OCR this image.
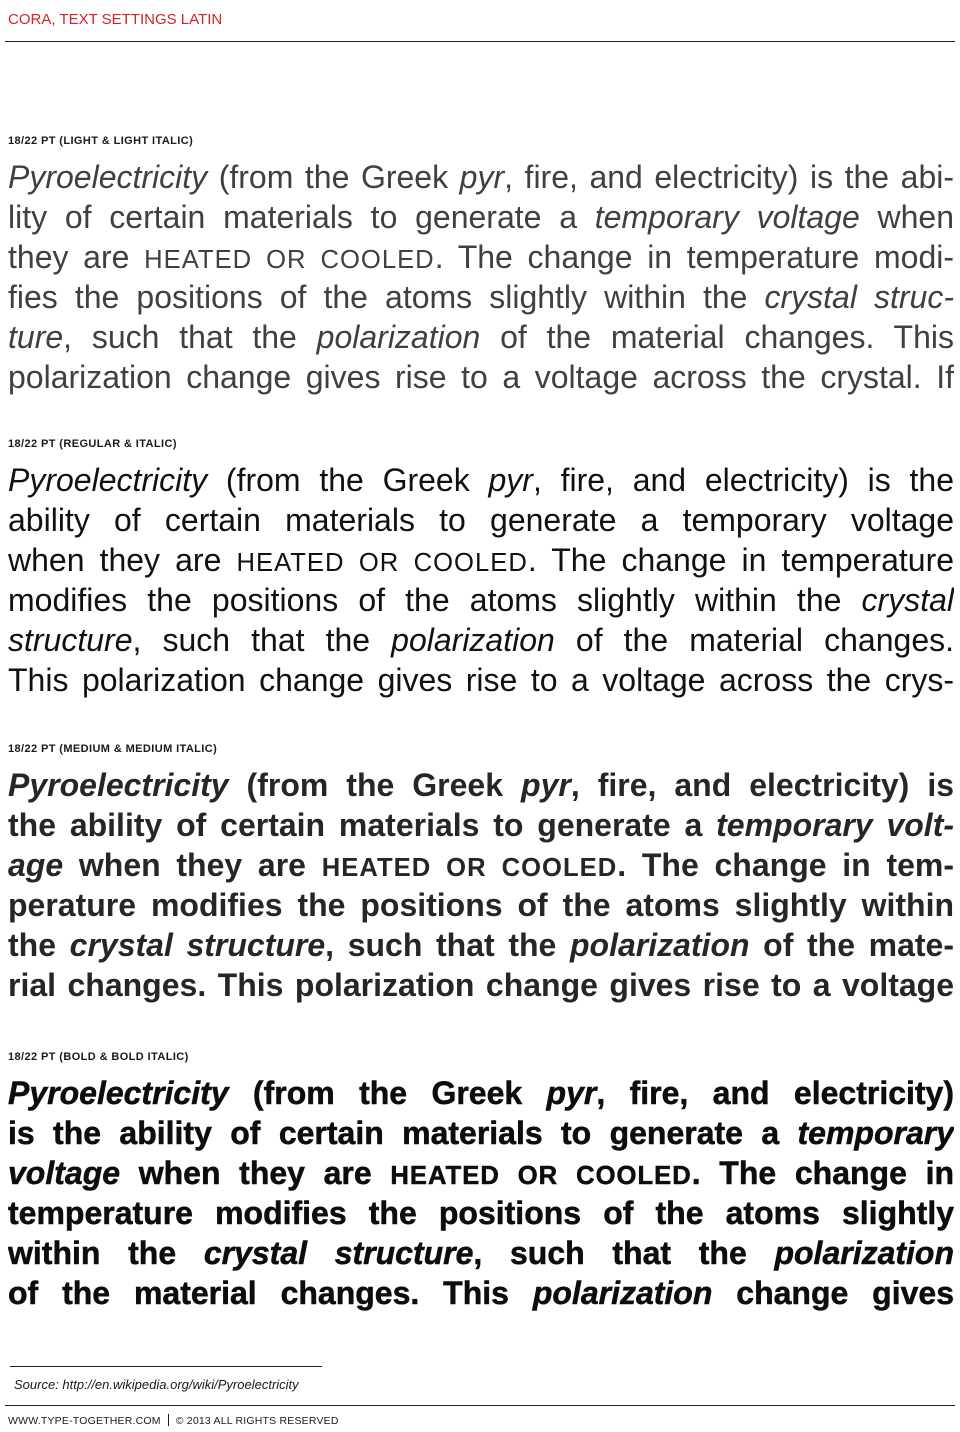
CORA, TEXT SETTINGS LATIN
18/22 PT (LIGHT & LIGHT ITALIC)
Pyroelectricity (from the Greek pyr, fire, and electricity) is the abi-
lity of certain materials to generate a temporary voltage when
they are HEATED OR COOLED. The change in temperature modi-
fies the positions of the atoms slightly within the crystal struc-
ture, such that the polarization of the material changes. This
polarization change gives rise to a voltage across the crystal. If
18/22 PT (REGULAR & ITALIC)
Pyroelectricity (from the Greek pyr, fire, and electricity) is the
ability of certain materials to generate a temporary voltage
when they are HEATED OR COOLED. The change in temperature
modifies the positions of the atoms slightly within the crystal
structure, such that the polarization of the material changes.
This polarization change gives rise to a voltage across the crys-
18/22 PT (MEDIUM & MEDIUM ITALIC)
Pyroelectricity (from the Greek pyr, fire, and electricity) is
the ability of certain materials to generate a temporary volt-
age when they are HEATED OR COOLED. The change in tem-
perature modifies the positions of the atoms slightly within
the crystal structure, such that the polarization of the mate-
rial changes. This polarization change gives rise to a voltage
18/22 PT (BOLD & BOLD ITALIC)
Pyroelectricity (from the Greek pyr, fire, and electricity)
is the ability of certain materials to generate a temporary
voltage when they are HEATED OR COOLED. The change in
temperature modifies the positions of the atoms slightly
within the crystal structure, such that the polarization
of the material changes. This polarization change gives
Source: http://en.wikipedia.org/wiki/Pyroelectricity
WWW.TYPE-TOGETHER.COM © 2013 ALL RIGHTS RESERVED
